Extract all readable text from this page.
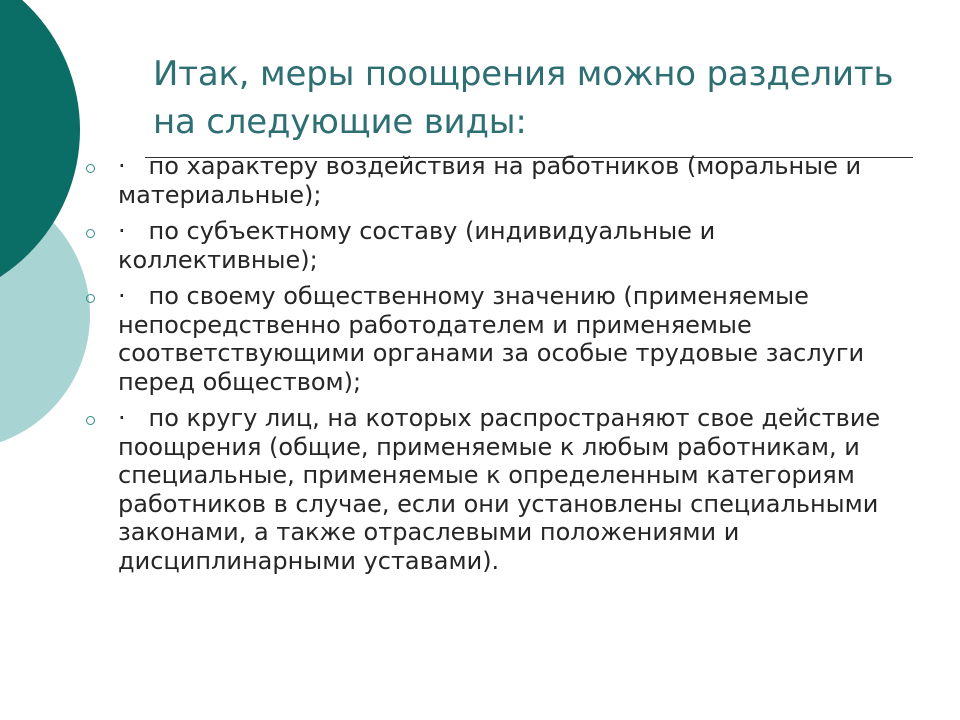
Итак, меры поощрения можно разделить на следующие виды:
·   по характеру воздействия на работников (моральные и материальные);
·   по субъектному составу (индивидуальные и коллективные);
·   по своему общественному значению (применяемые непосредственно работодателем и применяемые соответствующими органами за особые трудовые заслуги перед обществом);
·   по кругу лиц, на которых распространяют свое действие поощрения (общие, применяемые к любым работникам, и специальные, применяемые к определенным категориям работников в случае, если они установлены специальными законами, а также отраслевыми положениями и дисциплинарными уставами).
